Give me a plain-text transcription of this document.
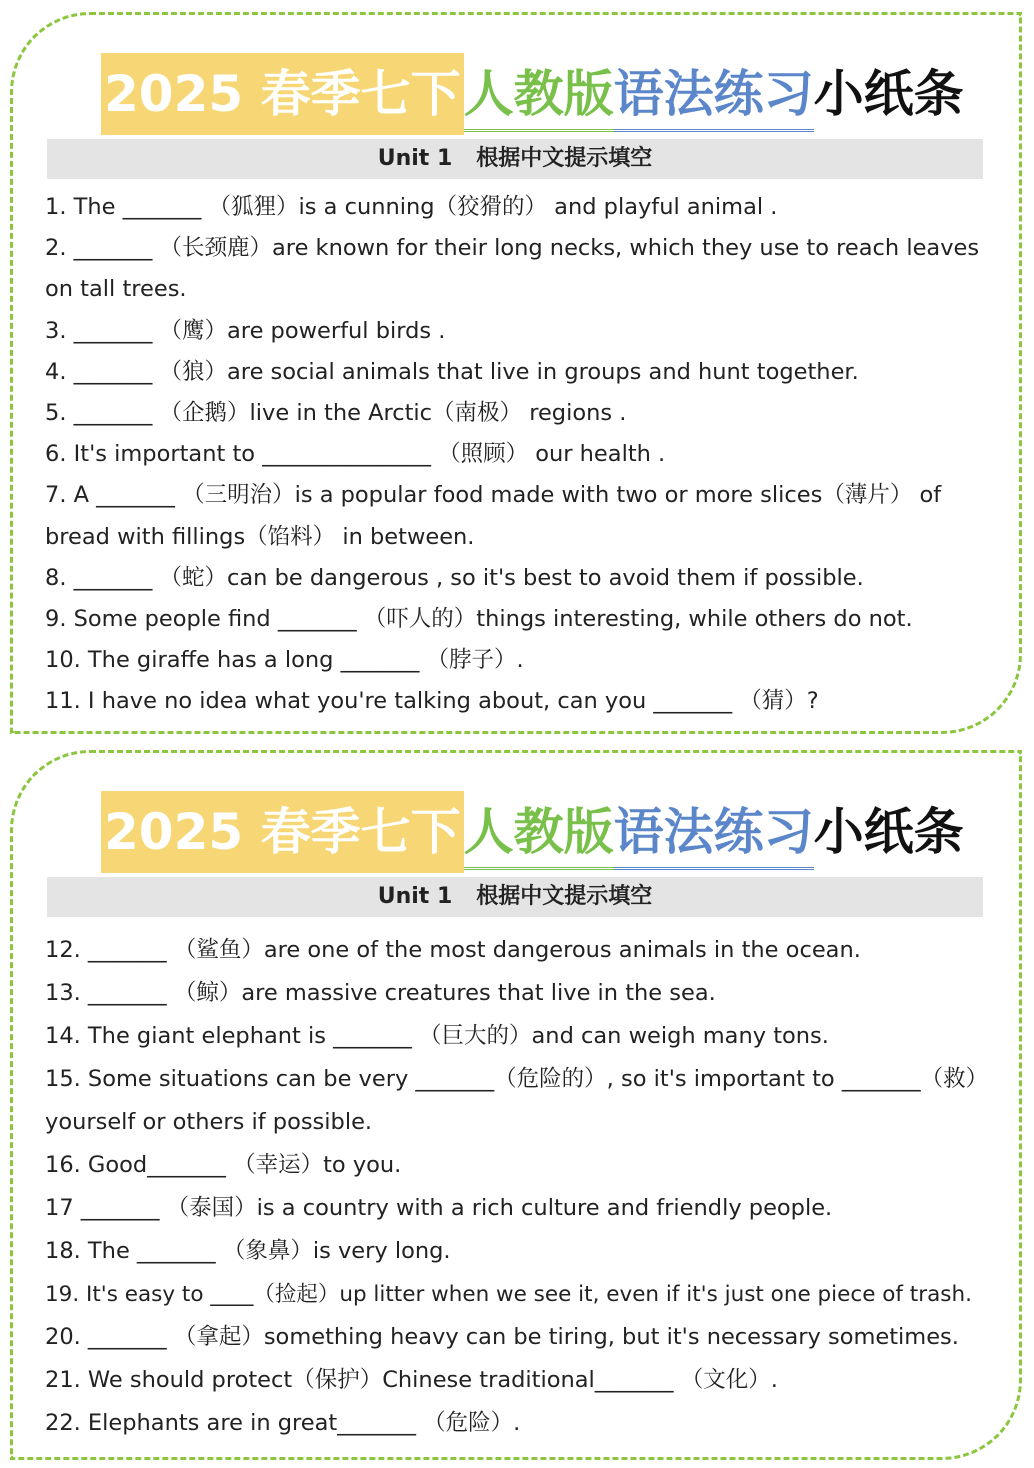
2025 春季七下人教版语法练习小纸条
Unit 1 根据中文提示填空
1. The _______ （狐狸）is a cunning（狡猾的） and playful animal .
2. _______ （长颈鹿）are known for their long necks, which they use to reach leaves
on tall trees.
3. _______ （鹰）are powerful birds .
4. _______ （狼）are social animals that live in groups and hunt together.
5. _______ （企鹅）live in the Arctic（南极） regions .
6. It's important to _______________ （照顾） our health .
7. A _______ （三明治）is a popular food made with two or more slices（薄片） of
bread with fillings（馅料） in between.
8. _______ （蛇）can be dangerous , so it's best to avoid them if possible.
9. Some people find _______ （吓人的）things interesting, while others do not.
10. The giraffe has a long _______ （脖子）.
11. I have no idea what you're talking about, can you _______ （猜）?
2025 春季七下人教版语法练习小纸条
Unit 1 根据中文提示填空
12. _______ （鲨鱼）are one of the most dangerous animals in the ocean.
13. _______ （鲸）are massive creatures that live in the sea.
14. The giant elephant is _______ （巨大的）and can weigh many tons.
15. Some situations can be very _______（危险的）, so it's important to _______（救）
yourself or others if possible.
16. Good_______ （幸运）to you.
17 _______ （泰国）is a country with a rich culture and friendly people.
18. The _______ （象鼻）is very long.
19. It's easy to ____（捡起）up litter when we see it, even if it's just one piece of trash.
20. _______ （拿起）something heavy can be tiring, but it's necessary sometimes.
21. We should protect（保护）Chinese traditional_______ （文化）.
22. Elephants are in great_______ （危险）.
